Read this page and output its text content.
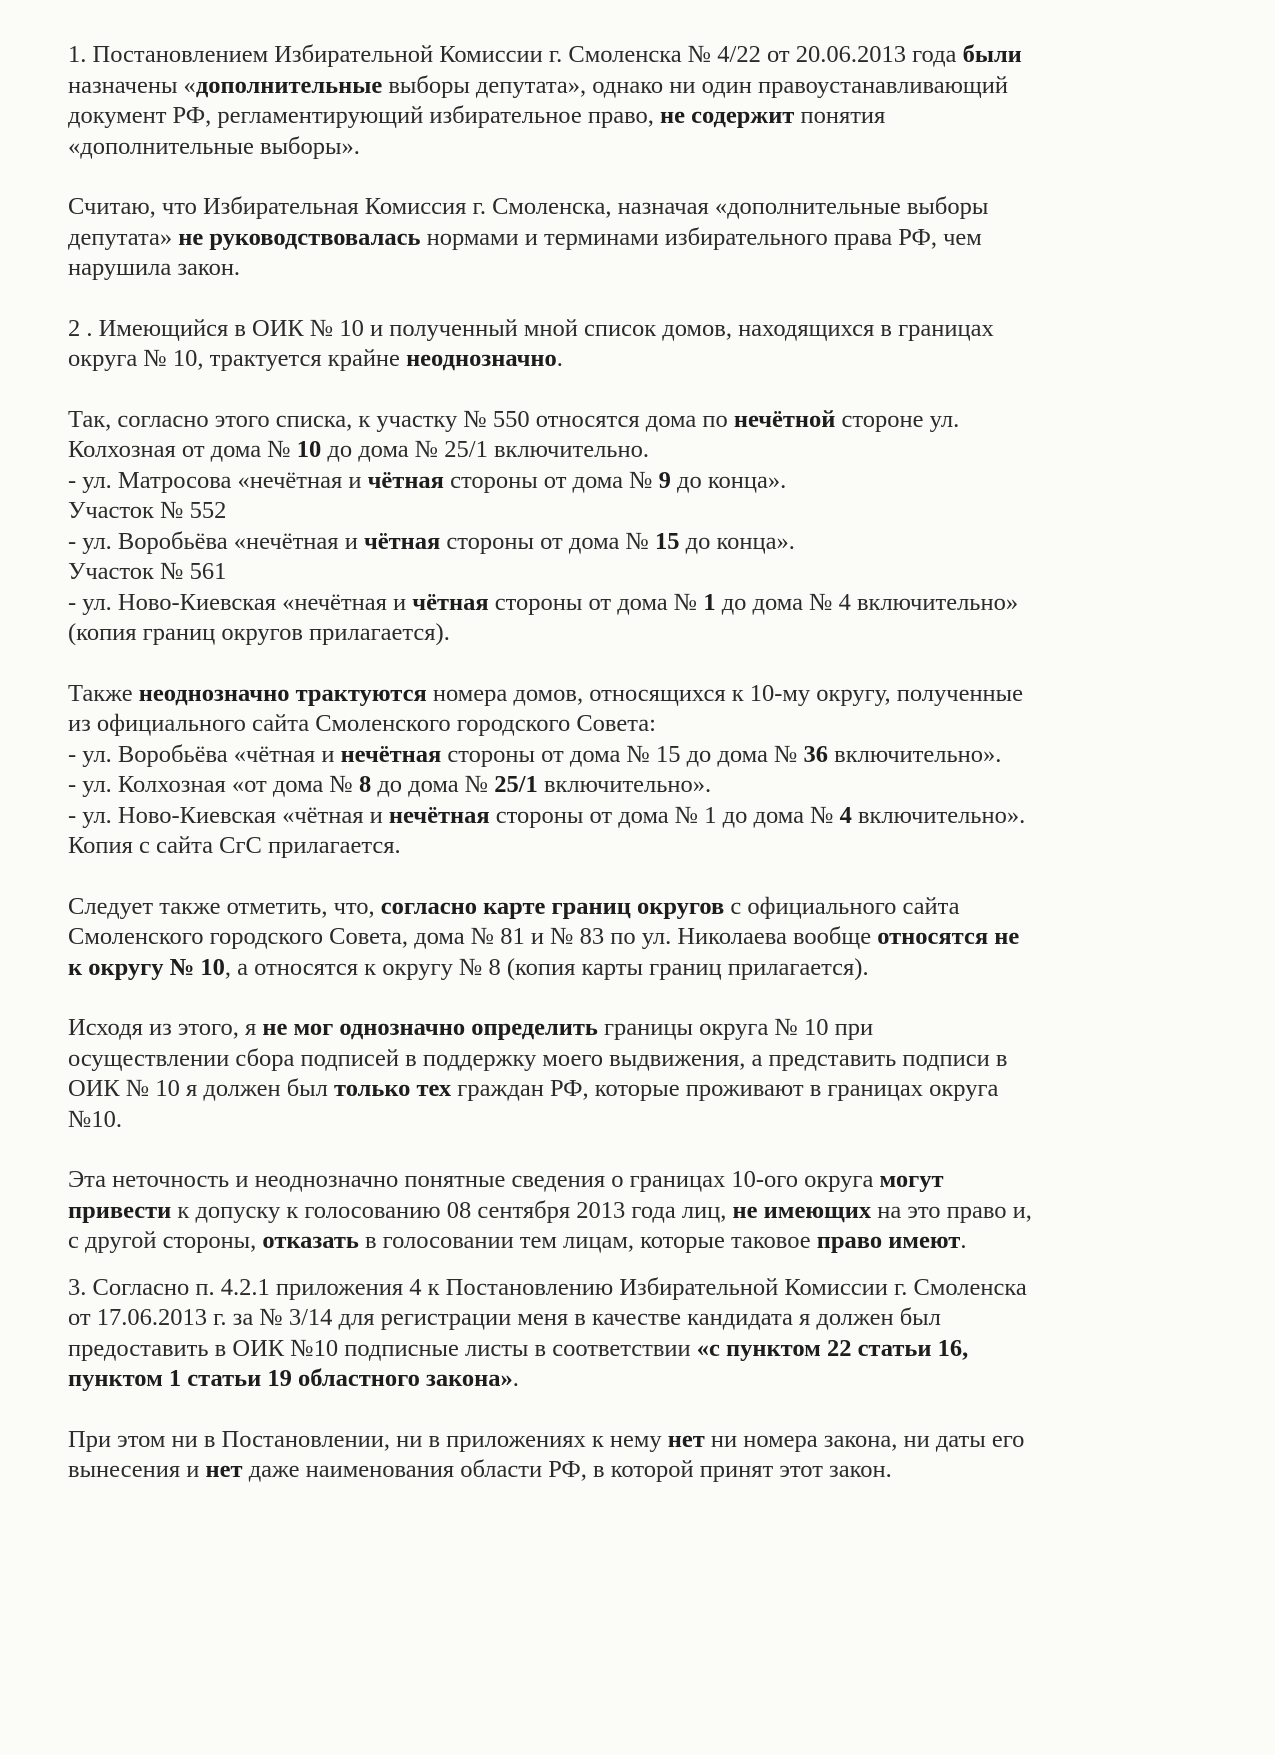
1. Постановлением Избирательной Комиссии г. Смоленска № 4/22 от 20.06.2013 года были
назначены «дополнительные выборы депутата», однако ни один правоустанавливающий
документ РФ, регламентирующий избирательное право, не содержит понятия
«дополнительные выборы».
Считаю, что Избирательная Комиссия г. Смоленска, назначая «дополнительные выборы
депутата» не руководствовалась нормами и терминами избирательного права РФ, чем
нарушила закон.
2 . Имеющийся в ОИК № 10 и полученный мной список домов, находящихся в границах
округа № 10, трактуется крайне неоднозначно.
Так, согласно этого списка, к участку № 550 относятся дома по нечётной стороне ул.
Колхозная от дома № 10 до дома № 25/1 включительно.
- ул. Матросова «нечётная и чётная стороны от дома № 9 до конца».
Участок № 552
- ул. Воробьёва «нечётная и чётная стороны от дома № 15 до конца».
Участок № 561
- ул. Ново-Киевская «нечётная и чётная стороны от дома № 1 до дома № 4 включительно»
(копия границ округов прилагается).
Также неоднозначно трактуются номера домов, относящихся к 10-му округу, полученные
из официального сайта Смоленского городского Совета:
- ул. Воробьёва «чётная и нечётная стороны от дома № 15 до дома № 36 включительно».
- ул. Колхозная «от дома № 8 до дома № 25/1 включительно».
- ул. Ново-Киевская «чётная и нечётная стороны от дома № 1 до дома № 4 включительно».
Копия с сайта СгС прилагается.
Следует также отметить, что, согласно карте границ округов с официального сайта
Смоленского городского Совета, дома № 81 и № 83 по ул. Николаева вообще относятся не
к округу № 10, а относятся к округу № 8 (копия карты границ прилагается).
Исходя из этого, я не мог однозначно определить границы округа № 10 при
осуществлении сбора подписей в поддержку моего выдвижения, а представить подписи в
ОИК № 10 я должен был только тех граждан РФ, которые проживают в границах округа
№10.
Эта неточность и неоднозначно понятные сведения о границах 10-ого округа могут
привести к допуску к голосованию 08 сентября 2013 года лиц, не имеющих на это право и,
с другой стороны, отказать в голосовании тем лицам, которые таковое право имеют.
3. Согласно п. 4.2.1 приложения 4 к Постановлению Избирательной Комиссии г. Смоленска
от 17.06.2013 г. за № 3/14 для регистрации меня в качестве кандидата я должен был
предоставить в ОИК №10 подписные листы в соответствии «с пунктом 22 статьи 16,
пунктом 1 статьи 19 областного закона».
При этом ни в Постановлении, ни в приложениях к нему нет ни номера закона, ни даты его
вынесения и нет даже наименования области РФ, в которой принят этот закон.
